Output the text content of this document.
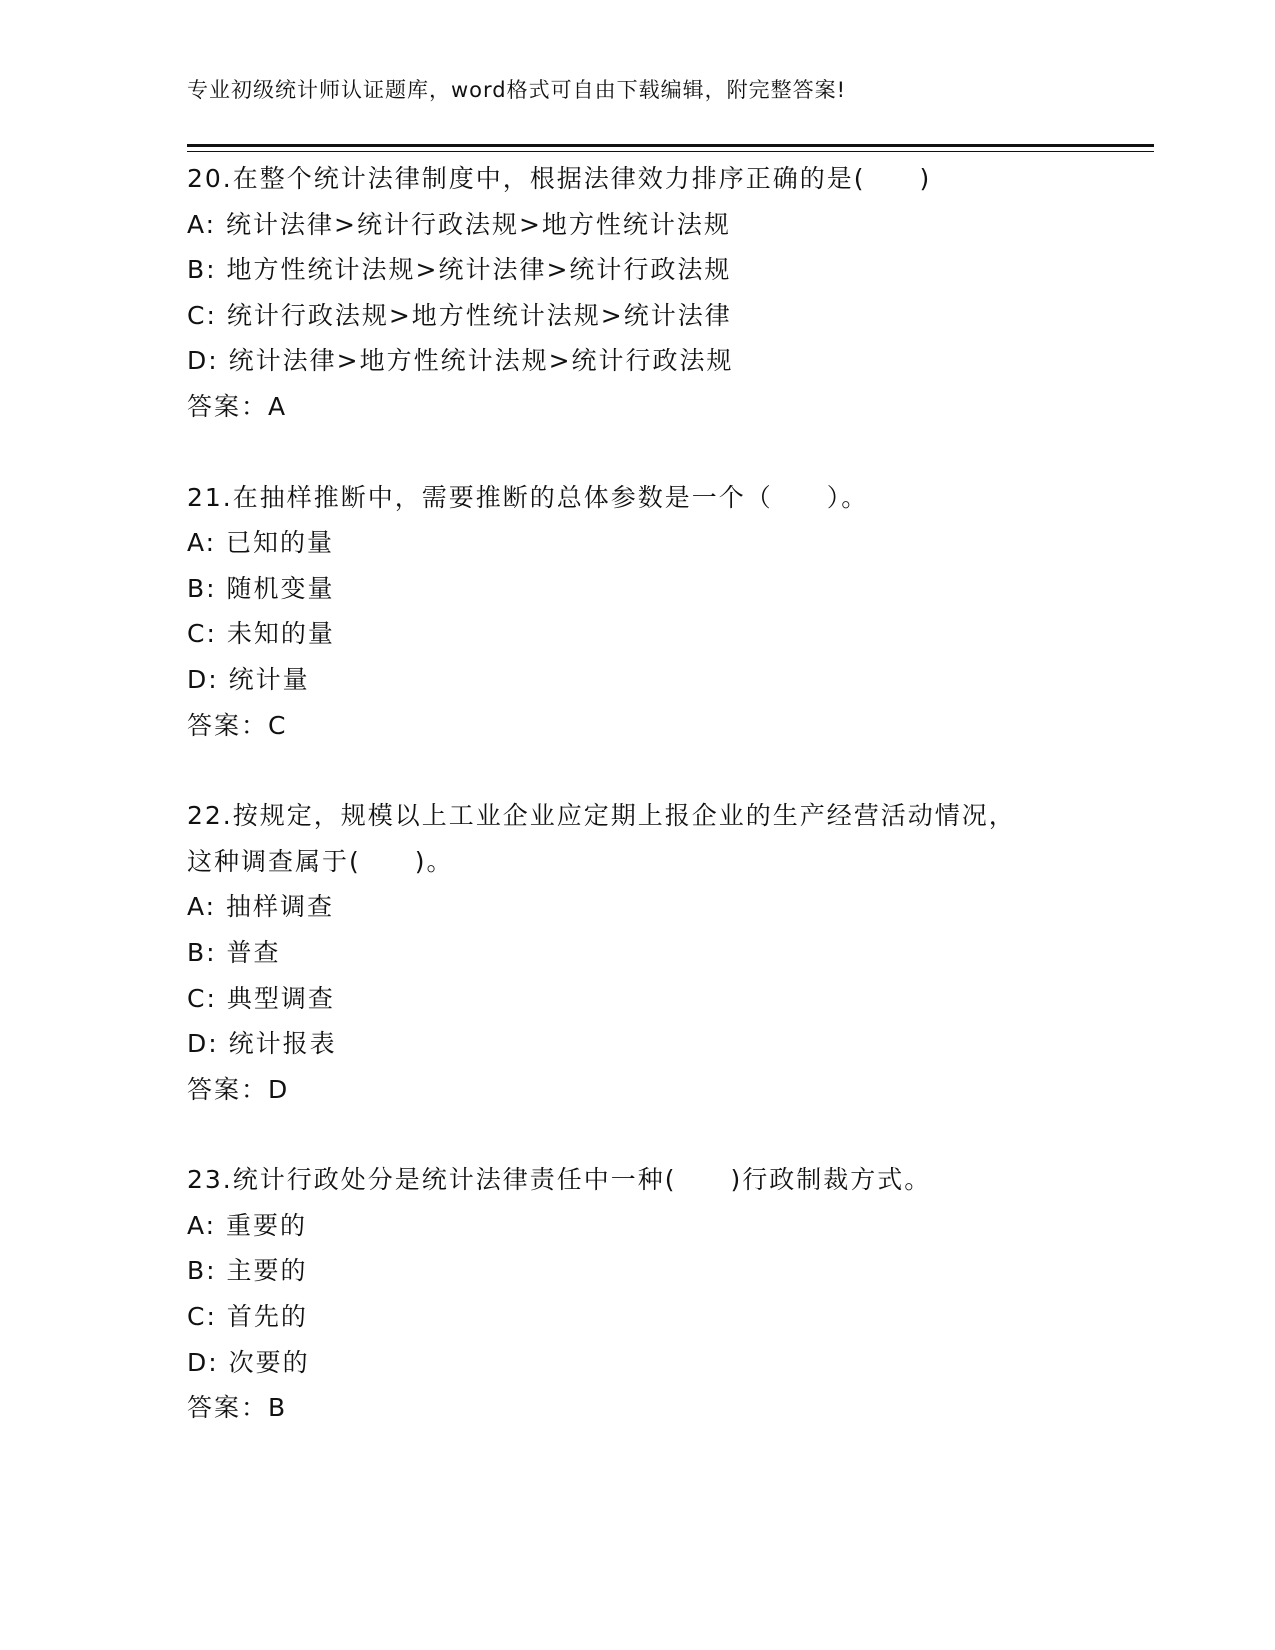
专业初级统计师认证题库，word格式可自由下载编辑，附完整答案!
20.在整个统计法律制度中，根据法律效力排序正确的是(　　)
A: 统计法律>统计行政法规>地方性统计法规
B: 地方性统计法规>统计法律>统计行政法规
C: 统计行政法规>地方性统计法规>统计法律
D: 统计法律>地方性统计法规>统计行政法规
答案：A
21.在抽样推断中，需要推断的总体参数是一个（　　）。
A: 已知的量
B: 随机变量
C: 未知的量
D: 统计量
答案：C
22.按规定，规模以上工业企业应定期上报企业的生产经营活动情况，
这种调查属于(　　)。
A: 抽样调查
B: 普查
C: 典型调查
D: 统计报表
答案：D
23.统计行政处分是统计法律责任中一种(　　)行政制裁方式。
A: 重要的
B: 主要的
C: 首先的
D: 次要的
答案：B
